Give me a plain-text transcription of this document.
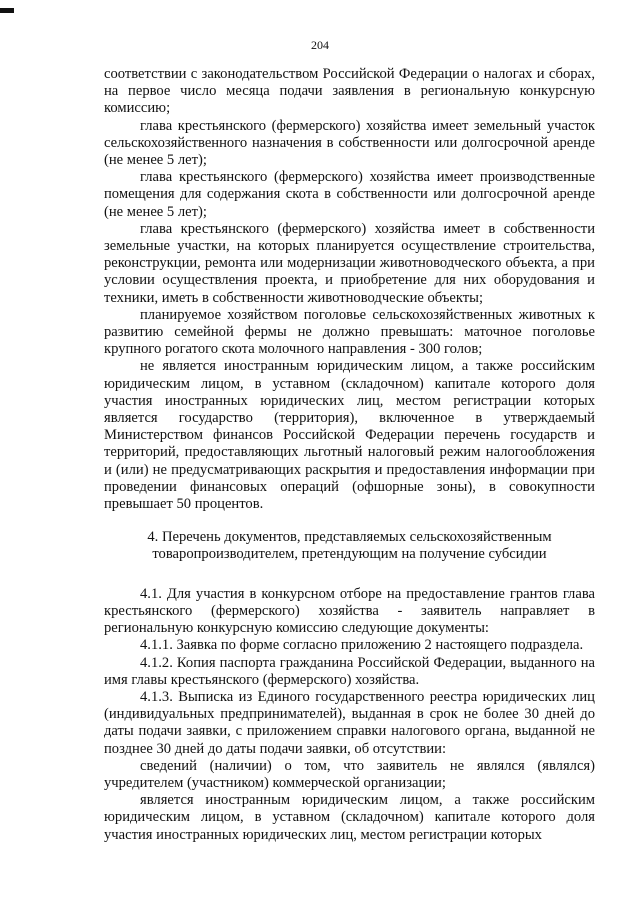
204

соответствии с законодательством Российской Федерации о налогах и сборах, на первое число месяца подачи заявления в региональную конкурсную комиссию;

глава крестьянского (фермерского) хозяйства имеет земельный участок сельскохозяйственного назначения в собственности или долгосрочной аренде (не менее 5 лет);

глава крестьянского (фермерского) хозяйства имеет производственные помещения для содержания скота в собственности или долгосрочной аренде (не менее 5 лет);

глава крестьянского (фермерского) хозяйства имеет в собственности земельные участки, на которых планируется осуществление строительства, реконструкции, ремонта или модернизации животноводческого объекта, а при условии осуществления проекта, и приобретение для них оборудования и техники, иметь в собственности животноводческие объекты;

планируемое хозяйством поголовье сельскохозяйственных животных к развитию семейной фермы не должно превышать: маточное поголовье крупного рогатого скота молочного направления - 300 голов;

не является иностранным юридическим лицом, а также российским юридическим лицом, в уставном (складочном) капитале которого доля участия иностранных юридических лиц, местом регистрации которых является государство (территория), включенное в утверждаемый Министерством финансов Российской Федерации перечень государств и территорий, предоставляющих льготный налоговый режим налогообложения и (или) не предусматривающих раскрытия и предоставления информации при проведении финансовых операций (офшорные зоны), в совокупности превышает 50 процентов.

4. Перечень документов, представляемых сельскохозяйственным
товаропроизводителем, претендующим на получение субсидии

4.1. Для участия в конкурсном отборе на предоставление грантов глава крестьянского (фермерского) хозяйства - заявитель направляет в региональную конкурсную комиссию следующие документы:

4.1.1. Заявка по форме согласно приложению 2 настоящего подраздела.

4.1.2. Копия паспорта гражданина Российской Федерации, выданного на имя главы крестьянского (фермерского) хозяйства.

4.1.3. Выписка из Единого государственного реестра юридических лиц (индивидуальных предпринимателей), выданная в срок не более 30 дней до даты подачи заявки, с приложением справки налогового органа, выданной не позднее 30 дней до даты подачи заявки, об отсутствии:

сведений (наличии) о том, что заявитель не являлся (являлся) учредителем (участником) коммерческой организации;

является иностранным юридическим лицом, а также российским юридическим лицом, в уставном (складочном) капитале которого доля участия иностранных юридических лиц, местом регистрации которых
